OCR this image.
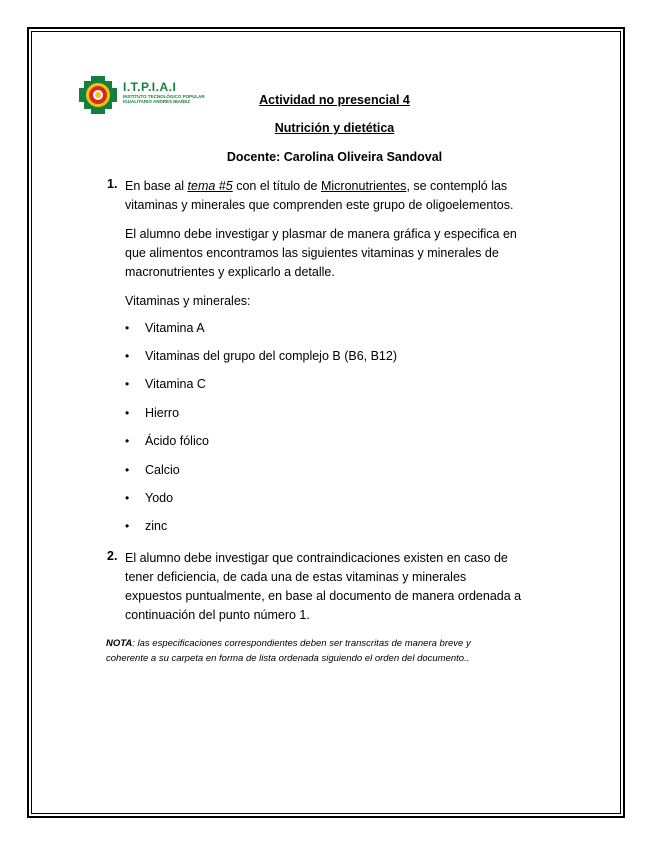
I.T.P.I.A.I
INSTITUTO TECNOLÓGICO POPULAR IGUALITARIO ANDRES IBAÑEZ	Actividad no presencial 4
Nutrición y dietética
Docente: Carolina Oliveira Sandoval
1. En base al tema #5 con el título de Micronutrientes, se contempló las
vitaminas y minerales que comprenden este grupo de oligoelementos.
El alumno debe investigar y plasmar de manera gráfica y especifica en
que alimentos encontramos las siguientes vitaminas y minerales de
macronutrientes y explicarlo a detalle.
Vitaminas y minerales:
• Vitamina A
• Vitaminas del grupo del complejo B (B6, B12)
• Vitamina C
• Hierro
• Ácido fólico
• Calcio
• Yodo
• zinc
2. El alumno debe investigar que contraindicaciones existen en caso de
tener deficiencia, de cada una de estas vitaminas y minerales
expuestos puntualmente, en base al documento de manera ordenada a
continuación del punto número 1.
NOTA: las especificaciones correspondientes deben ser transcritas de manera breve y
coherente a su carpeta en forma de lista ordenada siguiendo el orden del documento..
